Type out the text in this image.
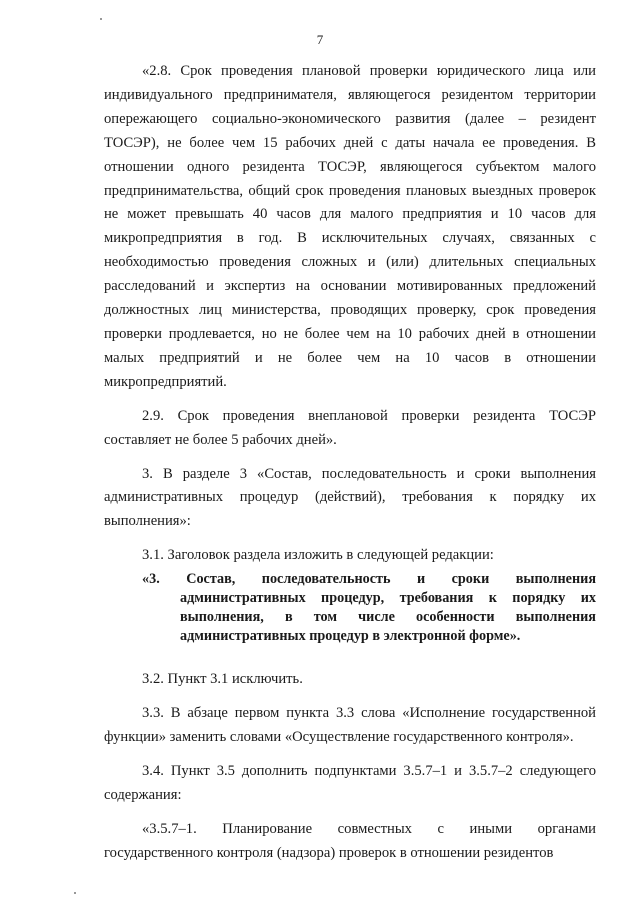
7

«2.8. Срок проведения плановой проверки юридического лица или индивидуального предпринимателя, являющегося резидентом территории опережающего социально-экономического развития (далее – резидент ТОСЭР), не более чем 15 рабочих дней с даты начала ее проведения. В отношении одного резидента ТОСЭР, являющегося субъектом малого предпринимательства, общий срок проведения плановых выездных проверок не может превышать 40 часов для малого предприятия и 10 часов для микропредприятия в год. В исключительных случаях, связанных с необходимостью проведения сложных и (или) длительных специальных расследований и экспертиз на основании мотивированных предложений должностных лиц министерства, проводящих проверку, срок проведения проверки продлевается, но не более чем на 10 рабочих дней в отношении малых предприятий и не более чем на 10 часов в отношении микропредприятий.

2.9. Срок проведения внеплановой проверки резидента ТОСЭР составляет не более 5 рабочих дней».

3. В разделе 3 «Состав, последовательность и сроки выполнения административных процедур (действий), требования к порядку их выполнения»:

3.1. Заголовок раздела изложить в следующей редакции:

«3. Состав, последовательность и сроки выполнения административных процедур, требования к порядку их выполнения, в том числе особенности выполнения административных процедур в электронной форме».

3.2. Пункт 3.1 исключить.

3.3. В абзаце первом пункта 3.3 слова «Исполнение государственной функции» заменить словами «Осуществление государственного контроля».

3.4. Пункт 3.5 дополнить подпунктами 3.5.7–1 и 3.5.7–2 следующего содержания:

«3.5.7–1. Планирование совместных с иными органами государственного контроля (надзора) проверок в отношении резидентов
